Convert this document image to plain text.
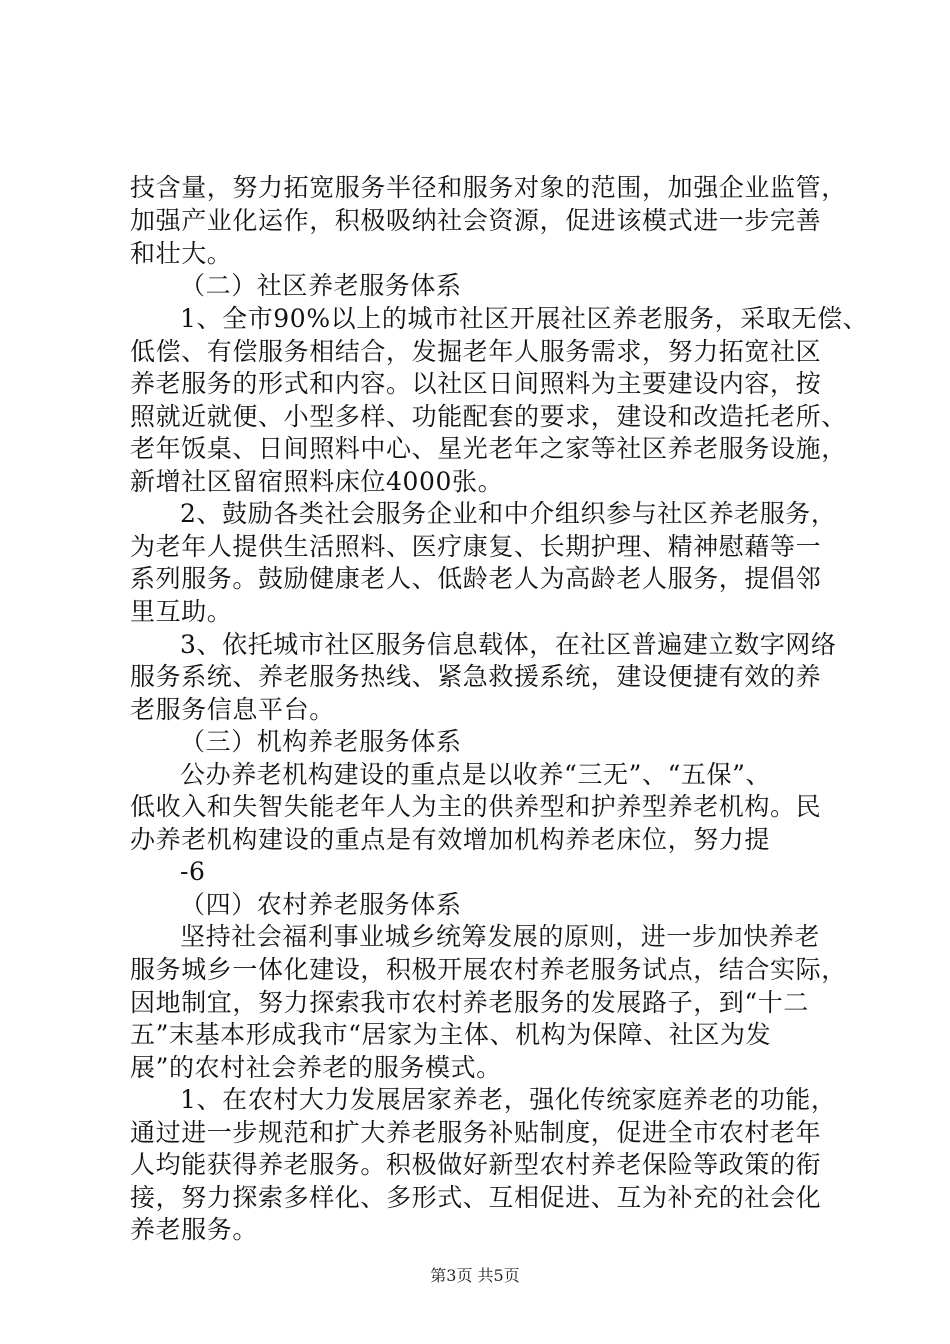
技含量，努力拓宽服务半径和服务对象的范围，加强企业监管，
加强产业化运作，积极吸纳社会资源，促进该模式进一步完善
和壮大。
（二）社区养老服务体系
1、全市90%以上的城市社区开展社区养老服务，采取无偿、
低偿、有偿服务相结合，发掘老年人服务需求，努力拓宽社区
养老服务的形式和内容。以社区日间照料为主要建设内容，按
照就近就便、小型多样、功能配套的要求，建设和改造托老所、
老年饭桌、日间照料中心、星光老年之家等社区养老服务设施，
新增社区留宿照料床位4000张。
2、鼓励各类社会服务企业和中介组织参与社区养老服务，
为老年人提供生活照料、医疗康复、长期护理、精神慰藉等一
系列服务。鼓励健康老人、低龄老人为高龄老人服务，提倡邻
里互助。
3、依托城市社区服务信息载体，在社区普遍建立数字网络
服务系统、养老服务热线、紧急救援系统，建设便捷有效的养
老服务信息平台。
（三）机构养老服务体系
公办养老机构建设的重点是以收养“三无”、“五保”、
低收入和失智失能老年人为主的供养型和护养型养老机构。民
办养老机构建设的重点是有效增加机构养老床位，努力提
-6
（四）农村养老服务体系
坚持社会福利事业城乡统筹发展的原则，进一步加快养老
服务城乡一体化建设，积极开展农村养老服务试点，结合实际，
因地制宜，努力探索我市农村养老服务的发展路子，到“十二
五”末基本形成我市“居家为主体、机构为保障、社区为发
展”的农村社会养老的服务模式。
1、在农村大力发展居家养老，强化传统家庭养老的功能，
通过进一步规范和扩大养老服务补贴制度，促进全市农村老年
人均能获得养老服务。积极做好新型农村养老保险等政策的衔
接，努力探索多样化、多形式、互相促进、互为补充的社会化
养老服务。
第3页 共5页
